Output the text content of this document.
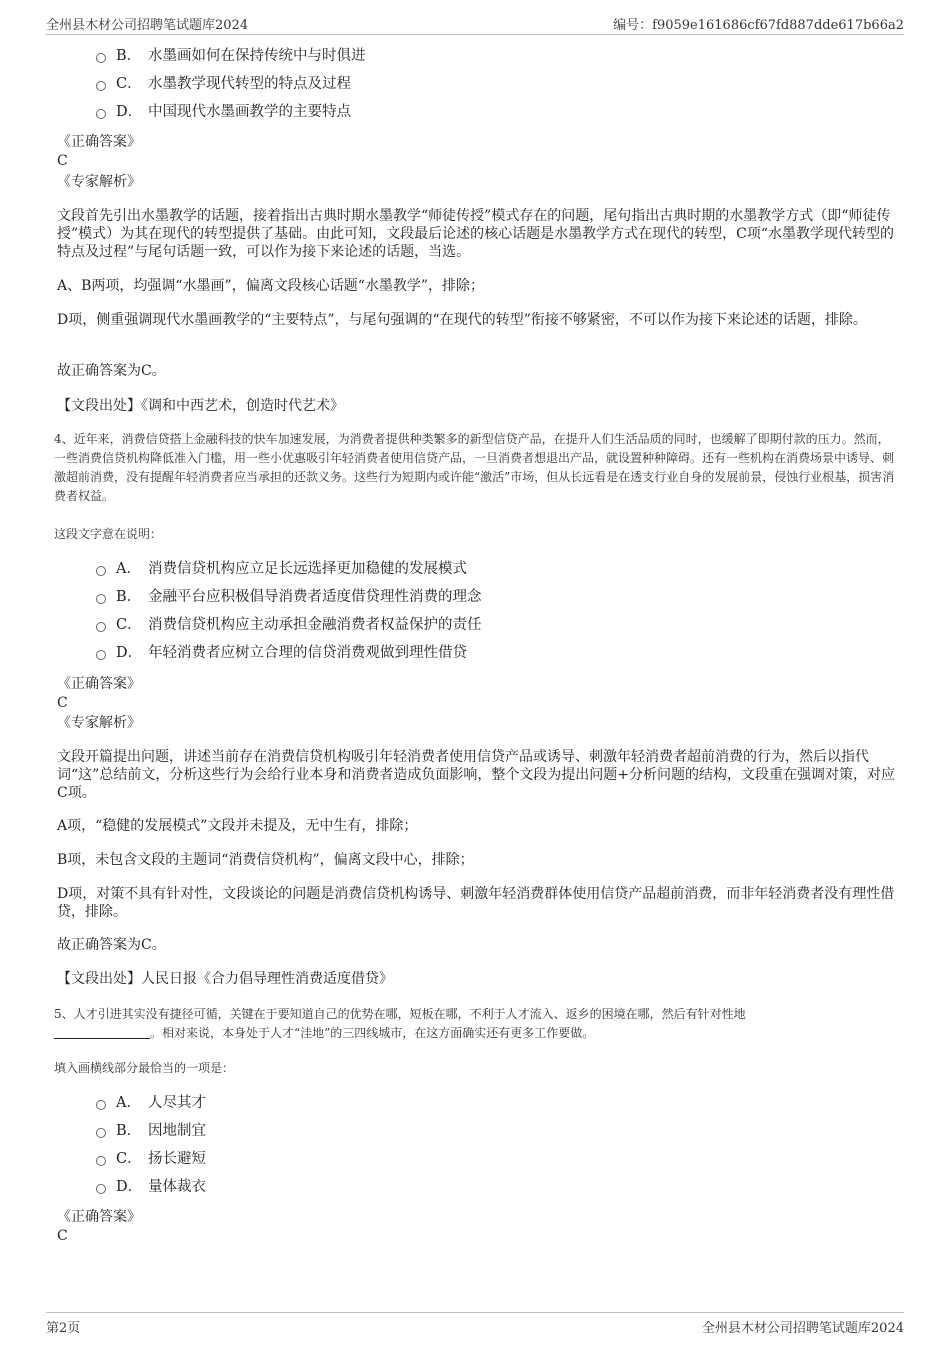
全州县木材公司招聘笔试题库2024	编号：f9059e161686cf67fd887dde617b66a2
B． 水墨画如何在保持传统中与时俱进
C． 水墨教学现代转型的特点及过程
D． 中国现代水墨画教学的主要特点
《正确答案》
C
《专家解析》

文段首先引出水墨教学的话题，接着指出古典时期水墨教学“师徒传授”模式存在的问题，尾句指出古典时期的水墨教学方式（即“师徒传授”模式）为其在现代的转型提供了基础。由此可知，文段最后论述的核心话题是水墨教学方式在现代的转型，C项“水墨教学现代转型的特点及过程”与尾句话题一致，可以作为接下来论述的话题，当选。

A、B两项，均强调“水墨画”，偏离文段核心话题“水墨教学”，排除；

D项，侧重强调现代水墨画教学的“主要特点”，与尾句强调的“在现代的转型”衔接不够紧密，不可以作为接下来论述的话题，排除。

故正确答案为C。

【文段出处】《调和中西艺术，创造时代艺术》

4、近年来，消费信贷搭上金融科技的快车加速发展，为消费者提供种类繁多的新型信贷产品，在提升人们生活品质的同时，也缓解了即期付款的压力。然而，一些消费信贷机构降低准入门槛，用一些小优惠吸引年轻消费者使用信贷产品，一旦消费者想退出产品，就设置种种障碍。还有一些机构在消费场景中诱导、刺激超前消费，没有提醒年轻消费者应当承担的还款义务。这些行为短期内或许能“激活”市场，但从长远看是在透支行业自身的发展前景，侵蚀行业根基，损害消费者权益。

这段文字意在说明：
A． 消费信贷机构应立足长远选择更加稳健的发展模式
B． 金融平台应积极倡导消费者适度借贷理性消费的理念
C． 消费信贷机构应主动承担金融消费者权益保护的责任
D． 年轻消费者应树立合理的信贷消费观做到理性借贷
《正确答案》
C
《专家解析》

文段开篇提出问题，讲述当前存在消费信贷机构吸引年轻消费者使用信贷产品或诱导、刺激年轻消费者超前消费的行为，然后以指代词“这”总结前文，分析这些行为会给行业本身和消费者造成负面影响，整个文段为提出问题+分析问题的结构，文段重在强调对策，对应C项。

A项，“稳健的发展模式”文段并未提及，无中生有，排除；

B项，未包含文段的主题词“消费信贷机构”，偏离文段中心，排除；

D项，对策不具有针对性，文段谈论的问题是消费信贷机构诱导、刺激年轻消费群体使用信贷产品超前消费，而非年轻消费者没有理性借贷，排除。

故正确答案为C。

【文段出处】人民日报《合力倡导理性消费适度借贷》

5、人才引进其实没有捷径可循，关键在于要知道自己的优势在哪，短板在哪，不利于人才流入、返乡的困境在哪，然后有针对性地
。相对来说，本身处于人才“洼地”的三四线城市，在这方面确实还有更多工作要做。

填入画横线部分最恰当的一项是：
A． 人尽其才
B． 因地制宜
C． 扬长避短
D． 量体裁衣
《正确答案》
C
第2页	全州县木材公司招聘笔试题库2024
